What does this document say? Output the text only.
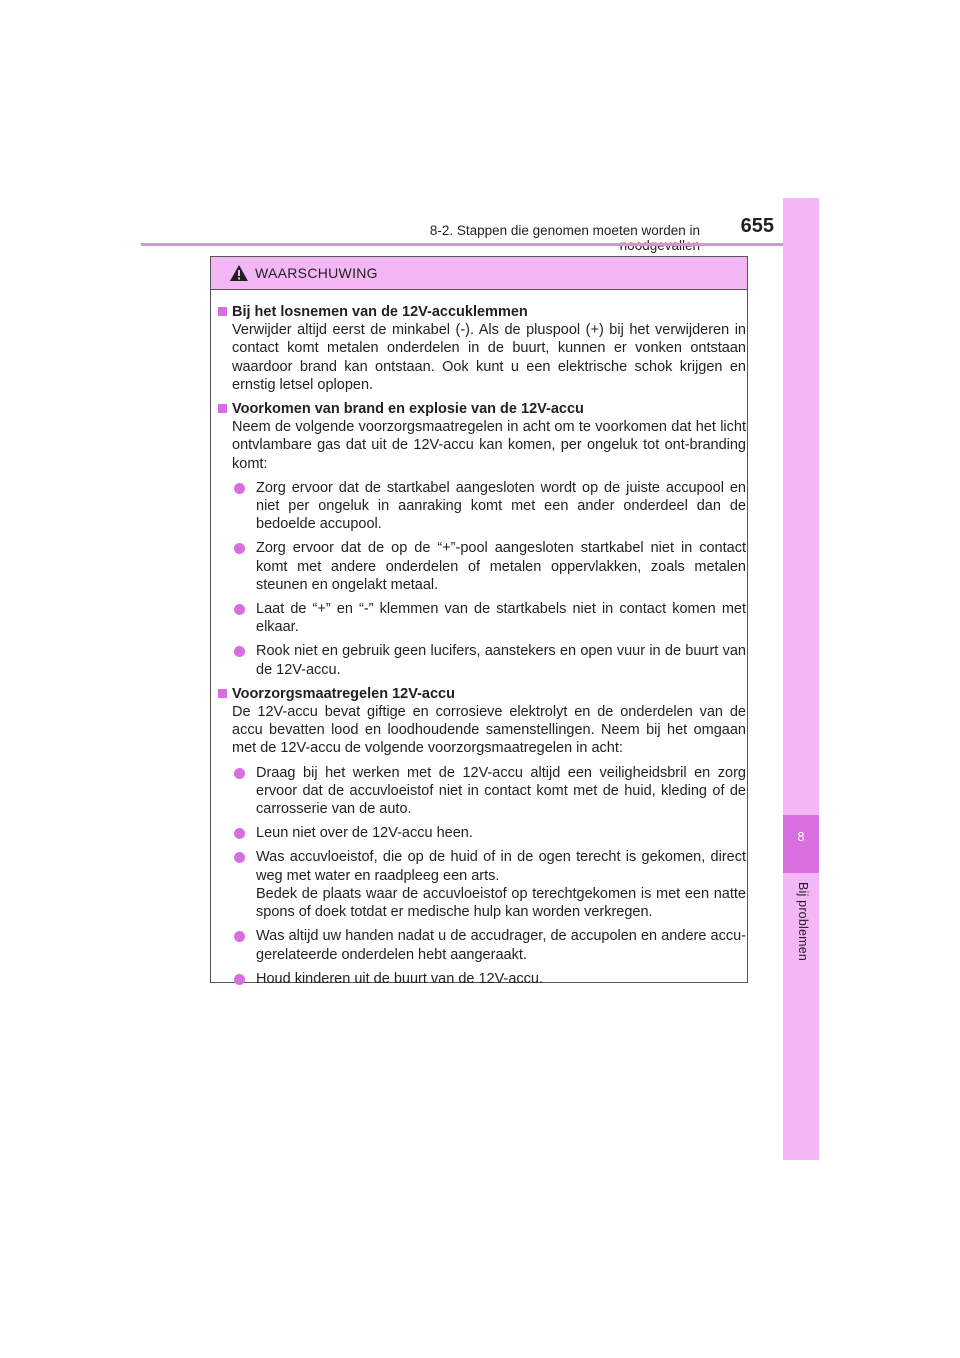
8-2. Stappen die genomen moeten worden in	655
8
Bij problemen
WAARSCHUWING
Bij het losnemen van de 12V-accuklemmen
Verwijder altijd eerst de minkabel (-). Als de pluspool (+) bij het verwijderen in contact komt metalen onderdelen in de buurt, kunnen er vonken ontstaan waardoor brand kan ontstaan. Ook kunt u een elektrische schok krijgen en ernstig letsel oplopen.
Voorkomen van brand en explosie van de 12V-accu
Neem de volgende voorzorgsmaatregelen in acht om te voorkomen dat het licht ontvlambare gas dat uit de 12V-accu kan komen, per ongeluk tot ont-branding komt:
Zorg ervoor dat de startkabel aangesloten wordt op de juiste accupool en niet per ongeluk in aanraking komt met een ander onderdeel dan de bedoelde accupool.
Zorg ervoor dat de op de “+”-pool aangesloten startkabel niet in contact komt met andere onderdelen of metalen oppervlakken, zoals metalen steunen en ongelakt metaal.
Laat de “+” en “-” klemmen van de startkabels niet in contact komen met elkaar.
Rook niet en gebruik geen lucifers, aanstekers en open vuur in de buurt van de 12V-accu.
Voorzorgsmaatregelen 12V-accu
De 12V-accu bevat giftige en corrosieve elektrolyt en de onderdelen van de accu bevatten lood en loodhoudende samenstellingen. Neem bij het omgaan met de 12V-accu de volgende voorzorgsmaatregelen in acht:
Draag bij het werken met de 12V-accu altijd een veiligheidsbril en zorg ervoor dat de accuvloeistof niet in contact komt met de huid, kleding of de carrosserie van de auto.
Leun niet over de 12V-accu heen.
Was accuvloeistof, die op de huid of in de ogen terecht is gekomen, direct weg met water en raadpleeg een arts.
Bedek de plaats waar de accuvloeistof op terechtgekomen is met een natte spons of doek totdat er medische hulp kan worden verkregen.
Was altijd uw handen nadat u de accudrager, de accupolen en andere accu-gerelateerde onderdelen hebt aangeraakt.
Houd kinderen uit de buurt van de 12V-accu.
